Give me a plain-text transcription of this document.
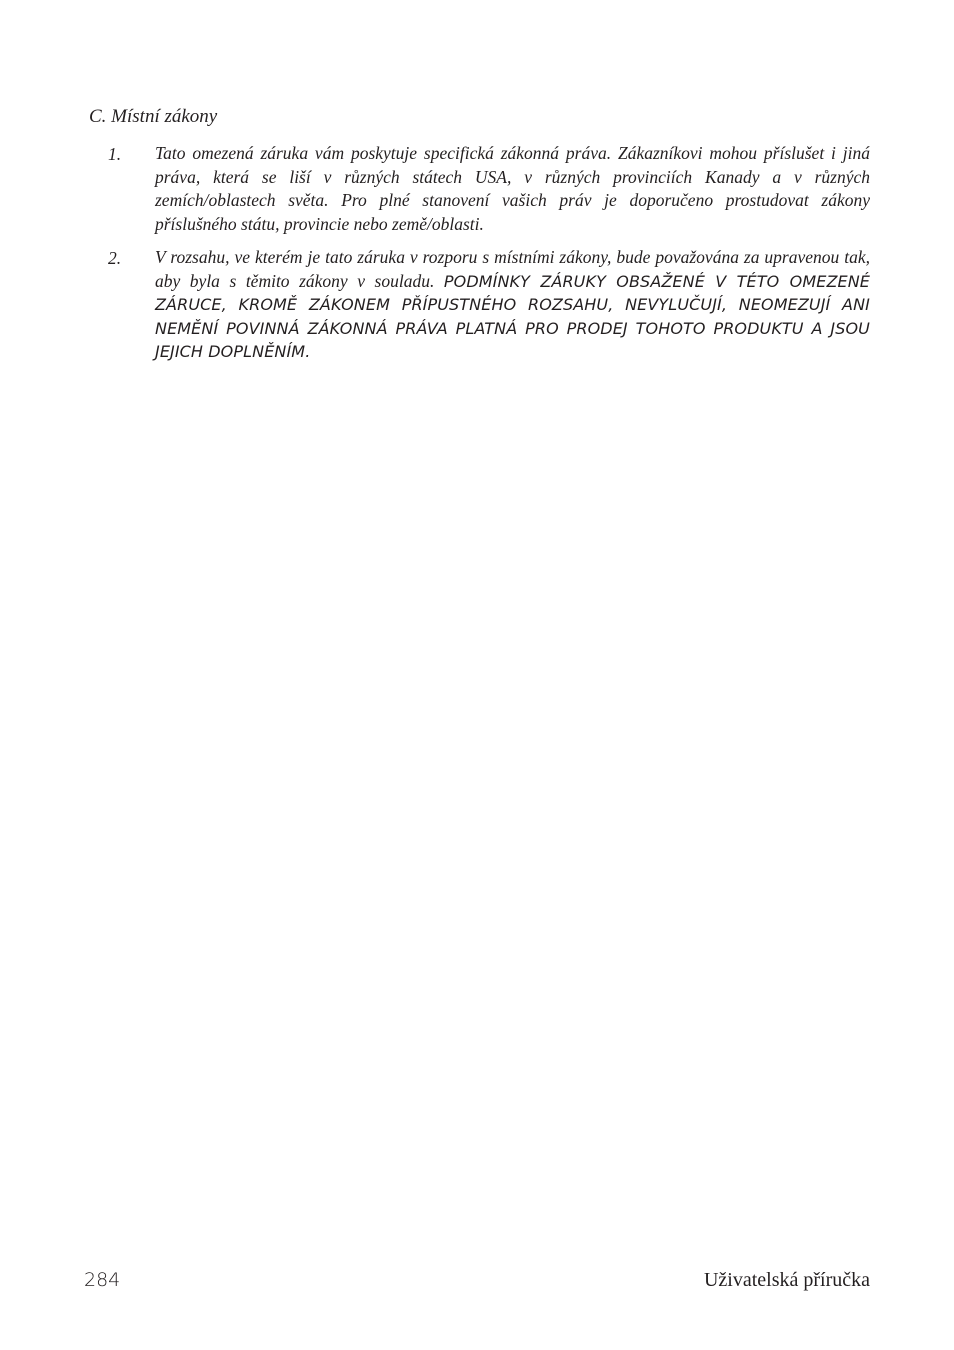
C. Místní zákony
1.	Tato omezená záruka vám poskytuje specifická zákonná práva. Zákazníkovi mohou příslušet i jiná práva, která se liší v různých státech USA, v různých provinciích Kanady a v různých zemích/oblastech světa. Pro plné stanovení vašich práv je doporučeno prostudovat zákony příslušného státu, provincie nebo země/oblasti.

2.	V rozsahu, ve kterém je tato záruka v rozporu s místními zákony, bude považována za upravenou tak, aby byla s těmito zákony v souladu. PODMÍNKY ZÁRUKY OBSAŽENÉ V TÉTO OMEZENÉ ZÁRUCE, KROMĚ ZÁKONEM PŘÍPUSTNÉHO ROZSAHU, NEVYLUČUJÍ, NEOMEZUJÍ ANI NEMĚNÍ POVINNÁ ZÁKONNÁ PRÁVA PLATNÁ PRO PRODEJ TOHOTO PRODUKTU A JSOU JEJICH DOPLNĚNÍM.

284	Uživatelská příručka
